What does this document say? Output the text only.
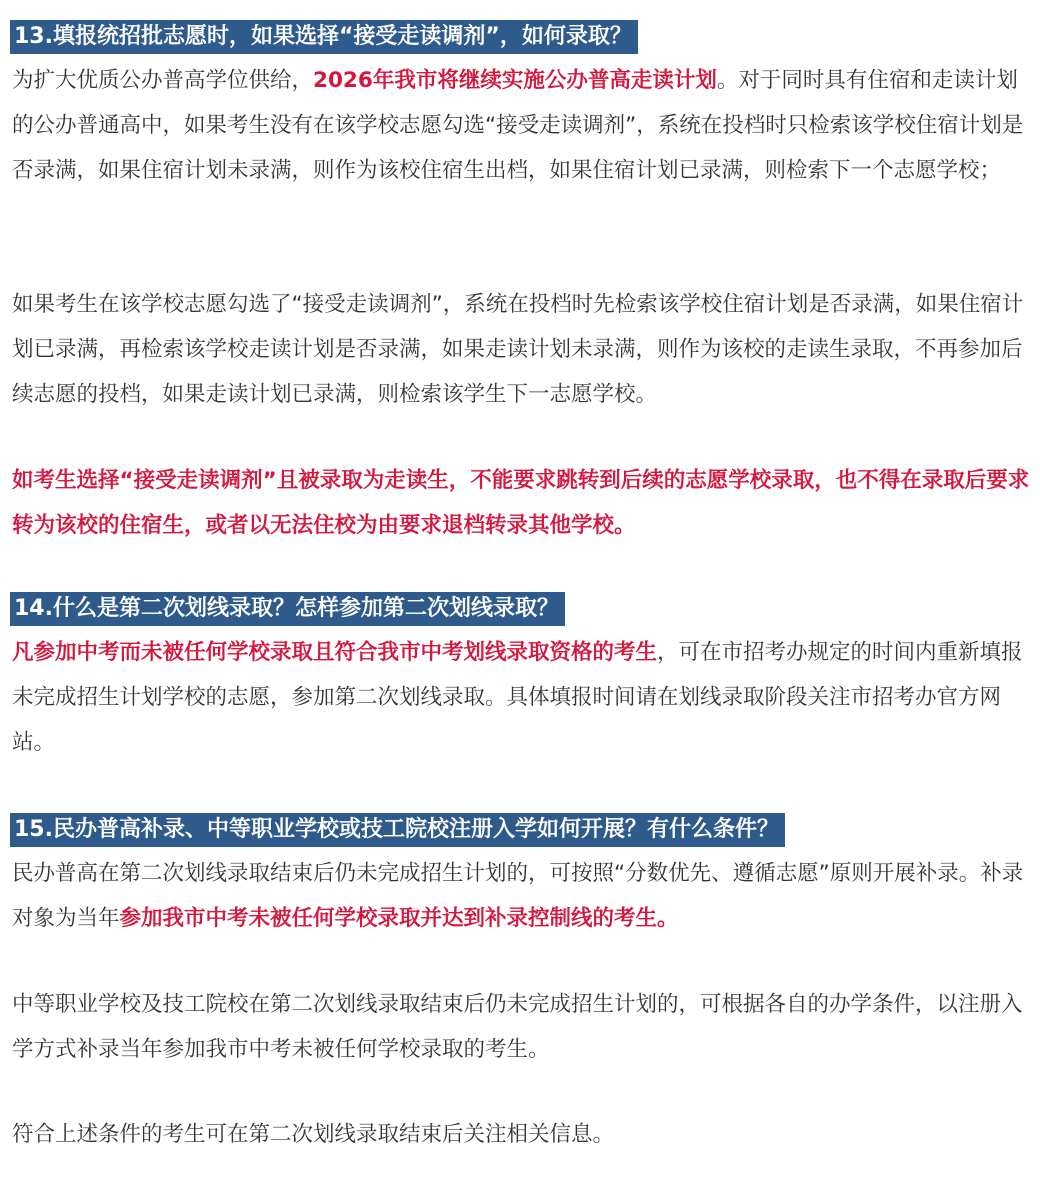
13.填报统招批志愿时，如果选择“接受走读调剂”，如何录取？

为扩大优质公办普高学位供给，2026年我市将继续实施公办普高走读计划。对于同时具有住宿和走读计划的公办普通高中，如果考生没有在该学校志愿勾选“接受走读调剂”，系统在投档时只检索该学校住宿计划是否录满，如果住宿计划未录满，则作为该校住宿生出档，如果住宿计划已录满，则检索下一个志愿学校；

如果考生在该学校志愿勾选了“接受走读调剂”，系统在投档时先检索该学校住宿计划是否录满，如果住宿计划已录满，再检索该学校走读计划是否录满，如果走读计划未录满，则作为该校的走读生录取，不再参加后续志愿的投档，如果走读计划已录满，则检索该学生下一志愿学校。

如考生选择“接受走读调剂”且被录取为走读生，不能要求跳转到后续的志愿学校录取，也不得在录取后要求转为该校的住宿生，或者以无法住校为由要求退档转录其他学校。

14.什么是第二次划线录取？怎样参加第二次划线录取？

凡参加中考而未被任何学校录取且符合我市中考划线录取资格的考生，可在市招考办规定的时间内重新填报未完成招生计划学校的志愿，参加第二次划线录取。具体填报时间请在划线录取阶段关注市招考办官方网站。

15.民办普高补录、中等职业学校或技工院校注册入学如何开展？有什么条件？

民办普高在第二次划线录取结束后仍未完成招生计划的，可按照“分数优先、遵循志愿”原则开展补录。补录对象为当年参加我市中考未被任何学校录取并达到补录控制线的考生。

中等职业学校及技工院校在第二次划线录取结束后仍未完成招生计划的，可根据各自的办学条件，以注册入学方式补录当年参加我市中考未被任何学校录取的考生。

符合上述条件的考生可在第二次划线录取结束后关注相关信息。
